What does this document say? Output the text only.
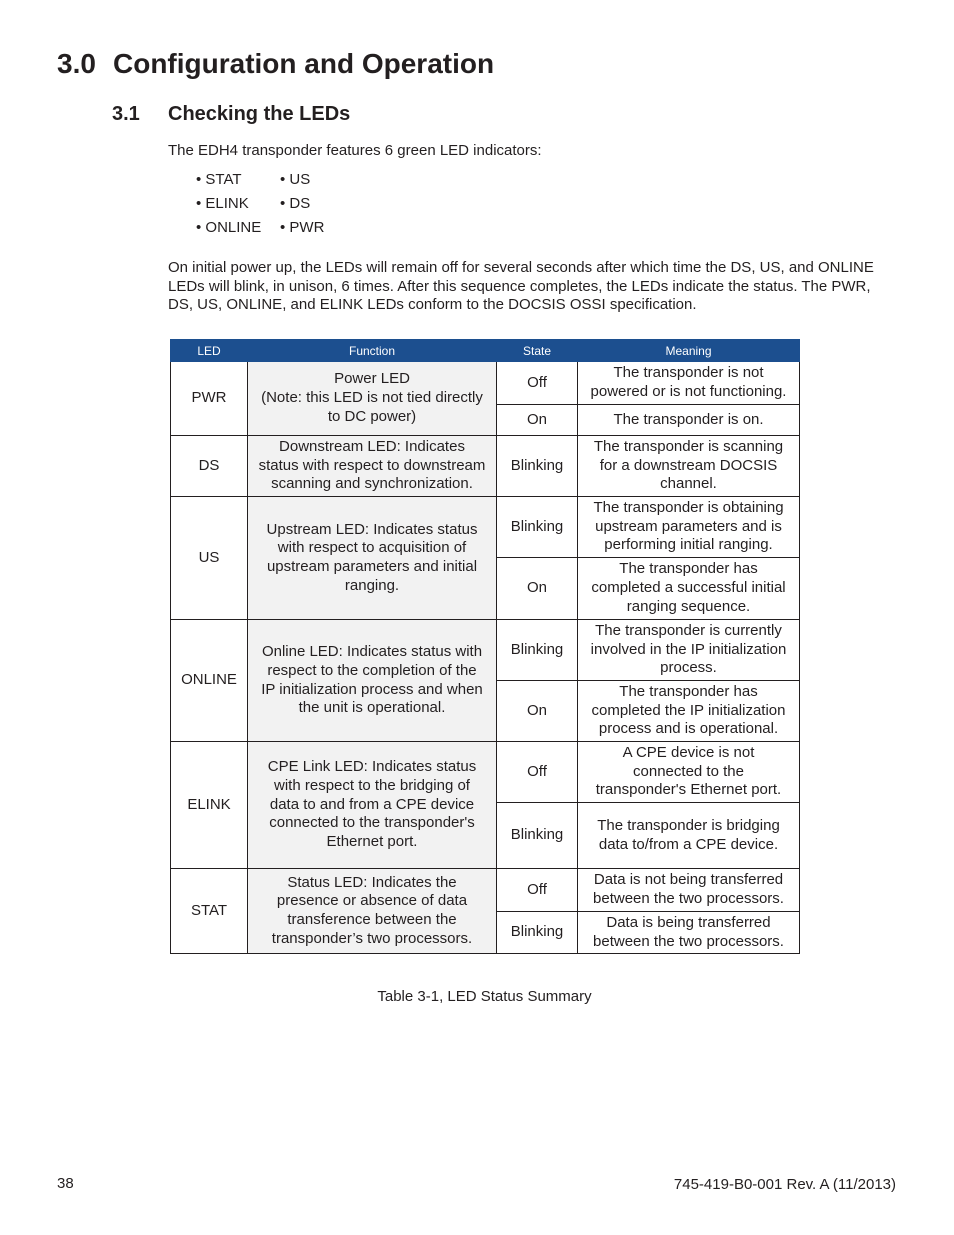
3.0 Configuration and Operation
3.1 Checking the LEDs

The EDH4 transponder features 6 green LED indicators:

• STAT
• ELINK
• ONLINE
• US
• DS
• PWR

On initial power up, the LEDs will remain off for several seconds after which time the DS, US, and ONLINE LEDs will blink, in unison, 6 times. After this sequence completes, the LEDs indicate the status. The PWR, DS, US, ONLINE, and ELINK LEDs conform to the DOCSIS OSSI specification.

LED	Function	State	Meaning
PWR	Power LED
(Note: this LED is not tied directly
to DC power)	Off	The transponder is not
powered or is not functioning.
		On	The transponder is on.
DS	Downstream LED: Indicates
status with respect to downstream
scanning and synchronization.	Blinking	The transponder is scanning
for a downstream DOCSIS
channel.
US	Upstream LED: Indicates status
with respect to acquisition of
upstream parameters and initial
ranging.	Blinking	The transponder is obtaining
upstream parameters and is
performing initial ranging.
		On	The transponder has
completed a successful initial
ranging sequence.
ONLINE	Online LED: Indicates status with
respect to the completion of the
IP initialization process and when
the unit is operational.	Blinking	The transponder is currently
involved in the IP initialization
process.
		On	The transponder has
completed the IP initialization
process and is operational.
ELINK	CPE Link LED: Indicates status
with respect to the bridging of
data to and from a CPE device
connected to the transponder's
Ethernet port.	Off	A CPE device is not
connected to the
transponder's Ethernet port.
		Blinking	The transponder is bridging
data to/from a CPE device.
STAT	Status LED: Indicates the
presence or absence of data
transference between the
transponder’s two processors.	Off	Data is not being transferred
between the two processors.
		Blinking	Data is being transferred
between the two processors.

Table 3-1, LED Status Summary

38	745-419-B0-001 Rev. A (11/2013)
